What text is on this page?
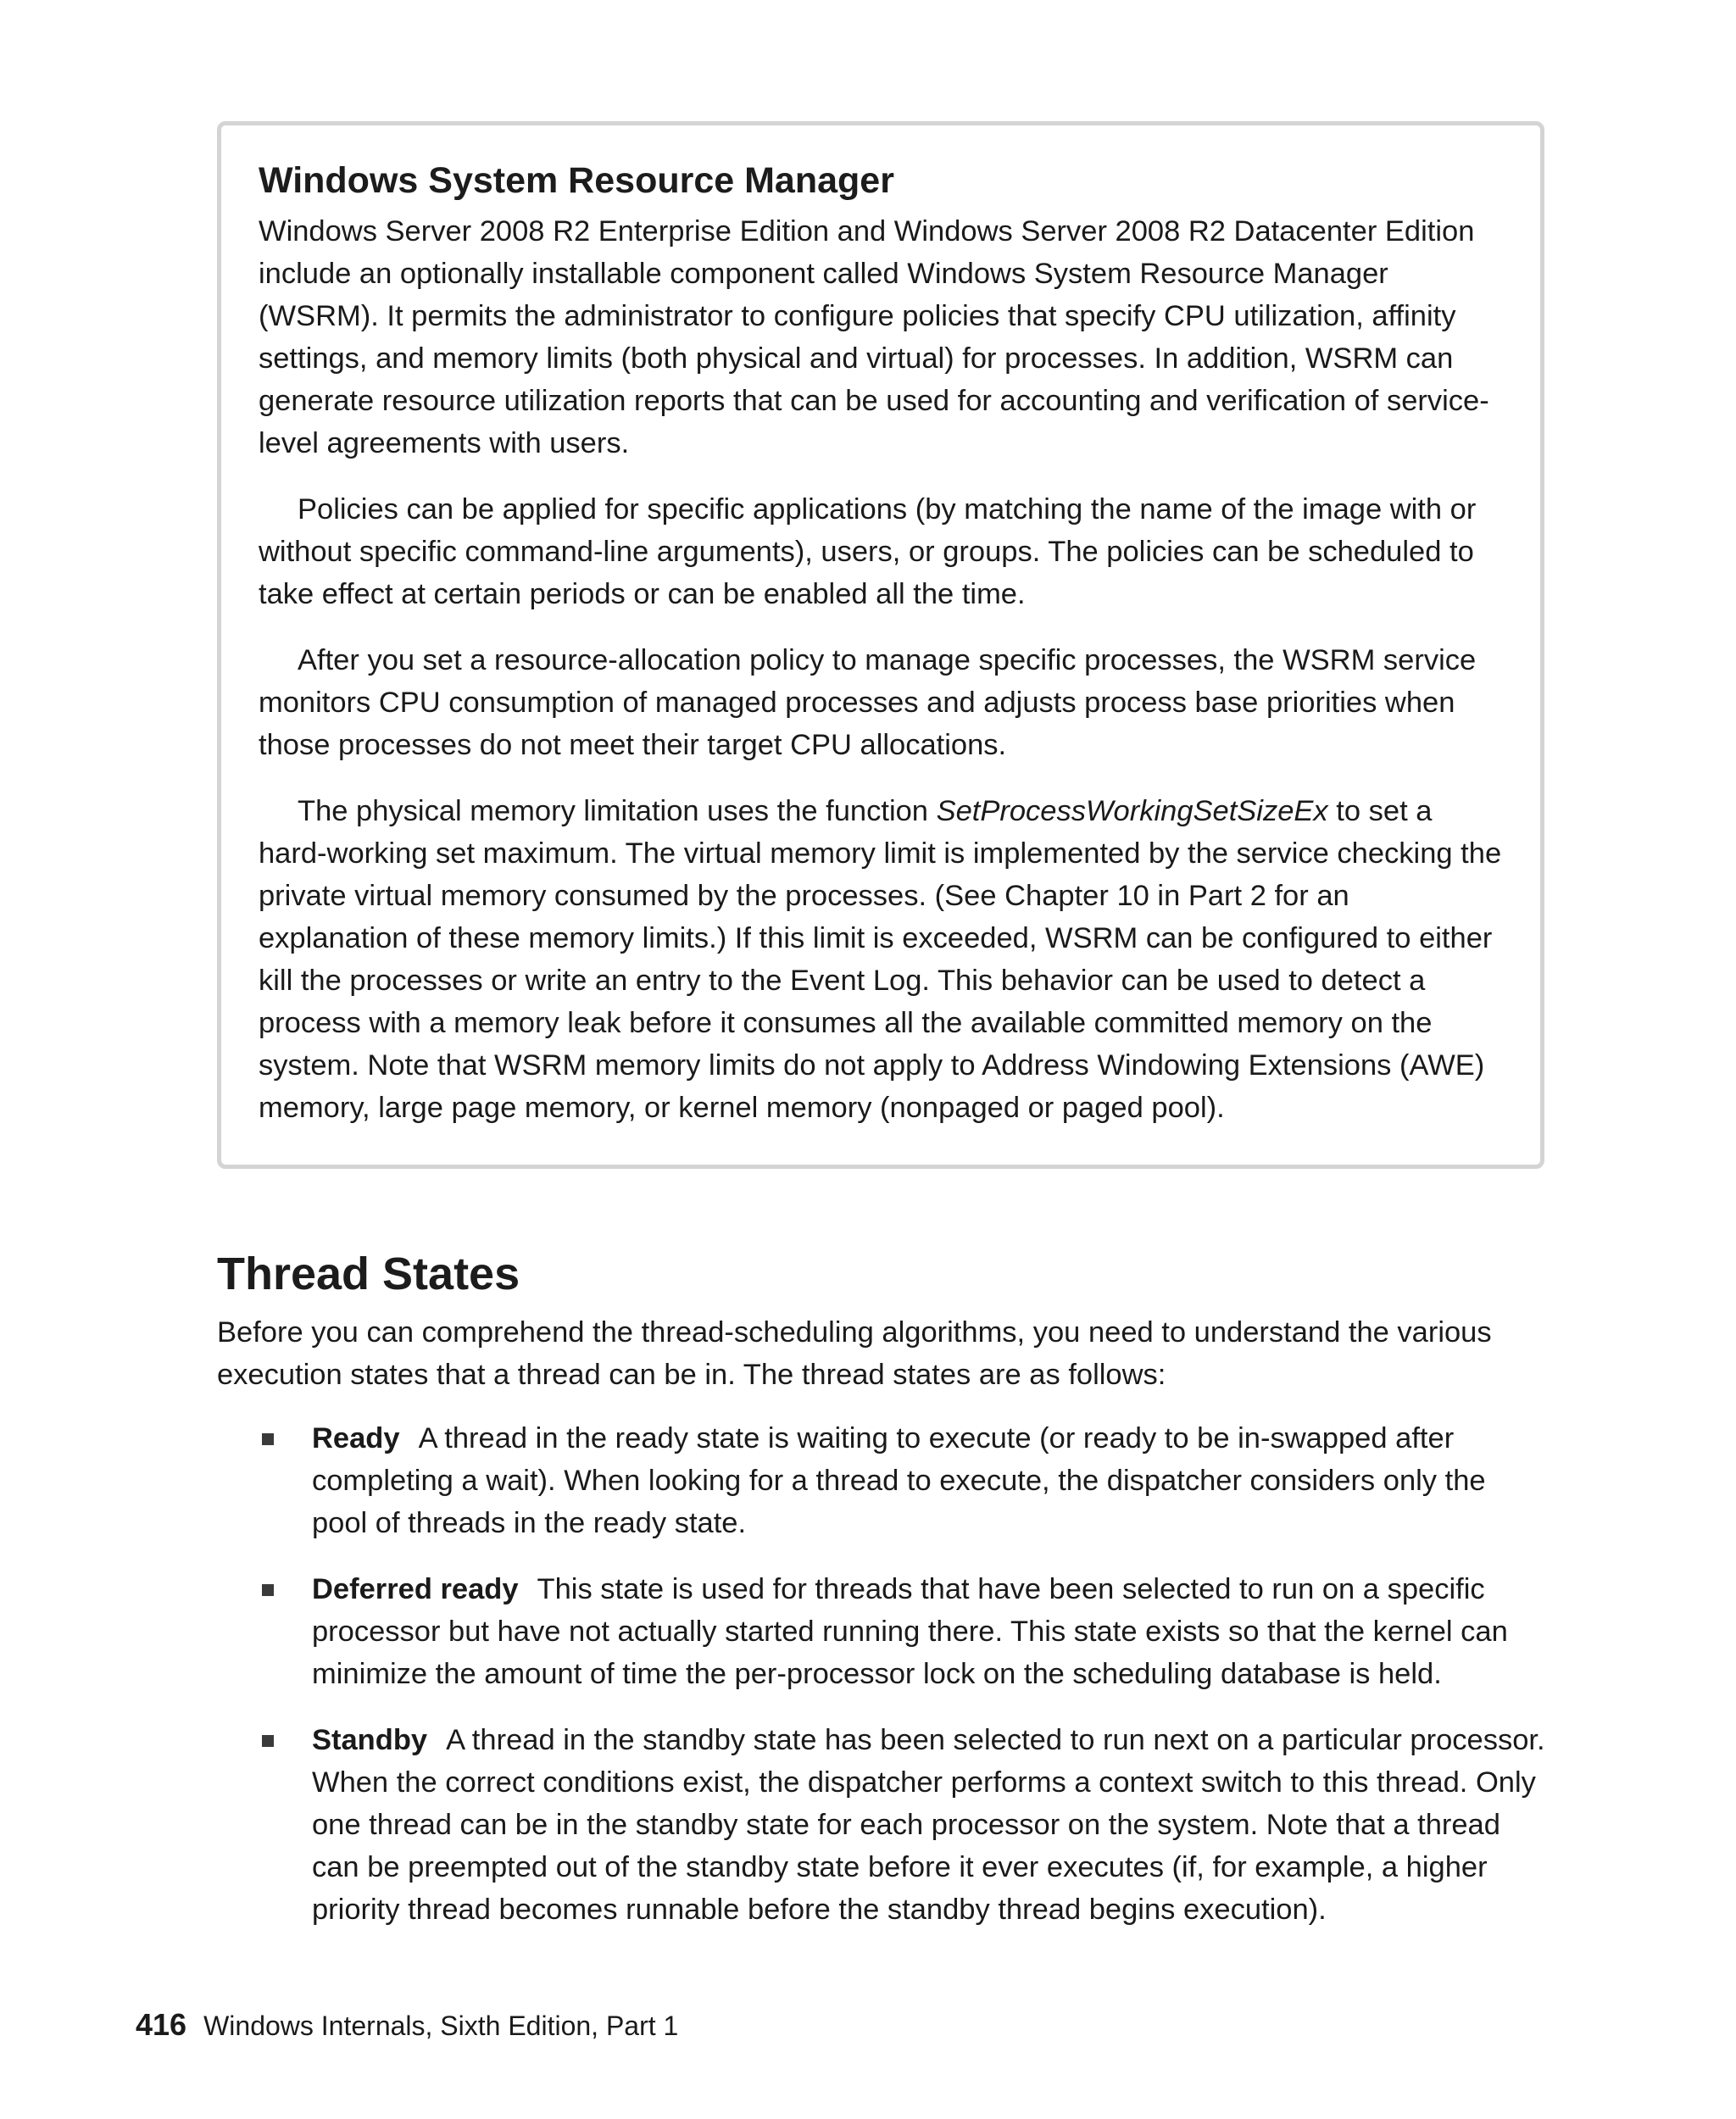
Windows System Resource Manager

Windows Server 2008 R2 Enterprise Edition and Windows Server 2008 R2 Datacenter Edition include an optionally installable component called Windows System Resource Manager (WSRM). It permits the administrator to configure policies that specify CPU utilization, affinity settings, and memory limits (both physical and virtual) for processes. In addition, WSRM can generate resource utilization reports that can be used for accounting and verification of service-level agreements with users.

Policies can be applied for specific applications (by matching the name of the image with or without specific command-line arguments), users, or groups. The policies can be scheduled to take effect at certain periods or can be enabled all the time.

After you set a resource-allocation policy to manage specific processes, the WSRM service monitors CPU consumption of managed processes and adjusts process base priorities when those processes do not meet their target CPU allocations.

The physical memory limitation uses the function SetProcessWorkingSetSizeEx to set a hard-working set maximum. The virtual memory limit is implemented by the service checking the private virtual memory consumed by the processes. (See Chapter 10 in Part 2 for an explanation of these memory limits.) If this limit is exceeded, WSRM can be configured to either kill the processes or write an entry to the Event Log. This behavior can be used to detect a process with a memory leak before it consumes all the available committed memory on the system. Note that WSRM memory limits do not apply to Address Windowing Extensions (AWE) memory, large page memory, or kernel memory (nonpaged or paged pool).

Thread States

Before you can comprehend the thread-scheduling algorithms, you need to understand the various execution states that a thread can be in. The thread states are as follows:

Ready A thread in the ready state is waiting to execute (or ready to be in-swapped after completing a wait). When looking for a thread to execute, the dispatcher considers only the pool of threads in the ready state.
Deferred ready This state is used for threads that have been selected to run on a specific processor but have not actually started running there. This state exists so that the kernel can minimize the amount of time the per-processor lock on the scheduling database is held.
Standby A thread in the standby state has been selected to run next on a particular processor. When the correct conditions exist, the dispatcher performs a context switch to this thread. Only one thread can be in the standby state for each processor on the system. Note that a thread can be preempted out of the standby state before it ever executes (if, for example, a higher priority thread becomes runnable before the standby thread begins execution).
416 Windows Internals, Sixth Edition, Part 1
